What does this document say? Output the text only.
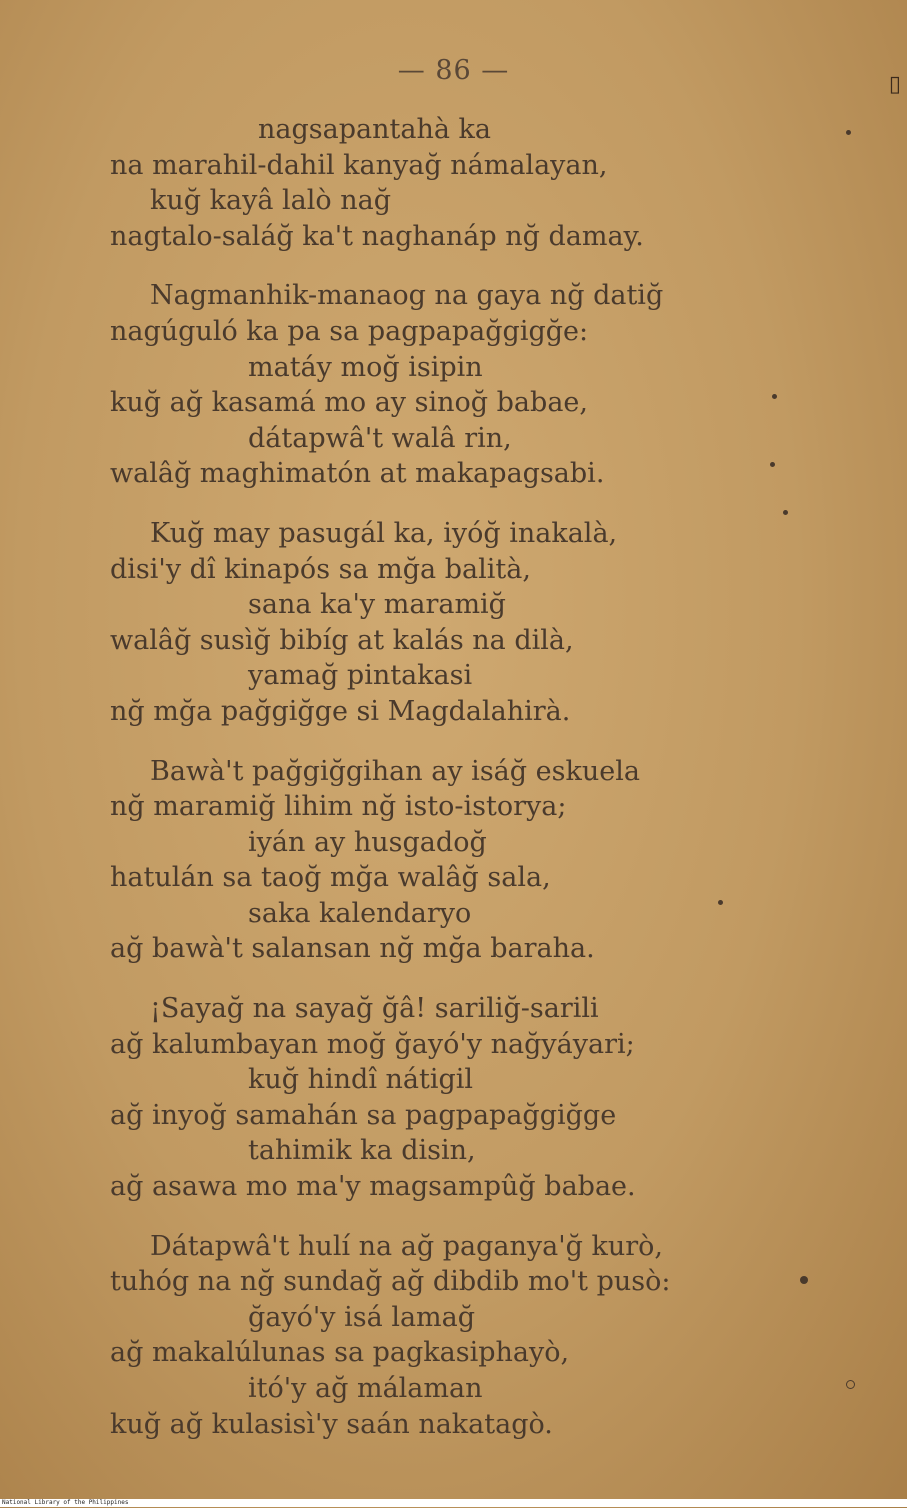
— 86 —
nagsapantahà ka
na marahil-dahil kanyağ námalayan,
kuğ kayâ lalò nağ
nagtalo-saláğ ka't naghanáp nğ damay.
Nagmanhik-manaog na gaya nğ datiğ
nagúguló ka pa sa pagpapağgigğe:
matáy moğ isipin
kuğ ağ kasamá mo ay sinoğ babae,
dátapwâ't walâ rin,
walâğ maghimatón at makapagsabi.
Kuğ may pasugál ka, iyóğ inakalà,
disi'y dî kinapós sa mğa balità,
sana ka'y maramiğ
walâğ susìğ bibíg at kalás na dilà,
yamağ pintakasi
nğ mğa pağgiğge si Magdalahirà.
Bawà't pağgiğgihan ay isáğ eskuela
nğ maramiğ lihim nğ isto-istorya;
iyán ay husgadoğ
hatulán sa taoğ mğa walâğ sala,
saka kalendaryo
ağ bawà't salansan nğ mğa baraha.
¡Sayağ na sayağ ğâ! sariliğ-sarili
ağ kalumbayan moğ ğayó'y nağyáyari;
kuğ hindî nátigil
ağ inyoğ samahán sa pagpapağgiğge
tahimik ka disin,
ağ asawa mo ma'y magsampûğ babae.
Dátapwâ't hulí na ağ paganya'ğ kurò,
tuhóg na nğ sundağ ağ dibdib mo't pusò:
ğayó'y isá lamağ
ağ makalúlunas sa pagkasiphayò,
itó'y ağ málaman
kuğ ağ kulasisì'y saán nakatagò.
▯
National Library of the Philippines
